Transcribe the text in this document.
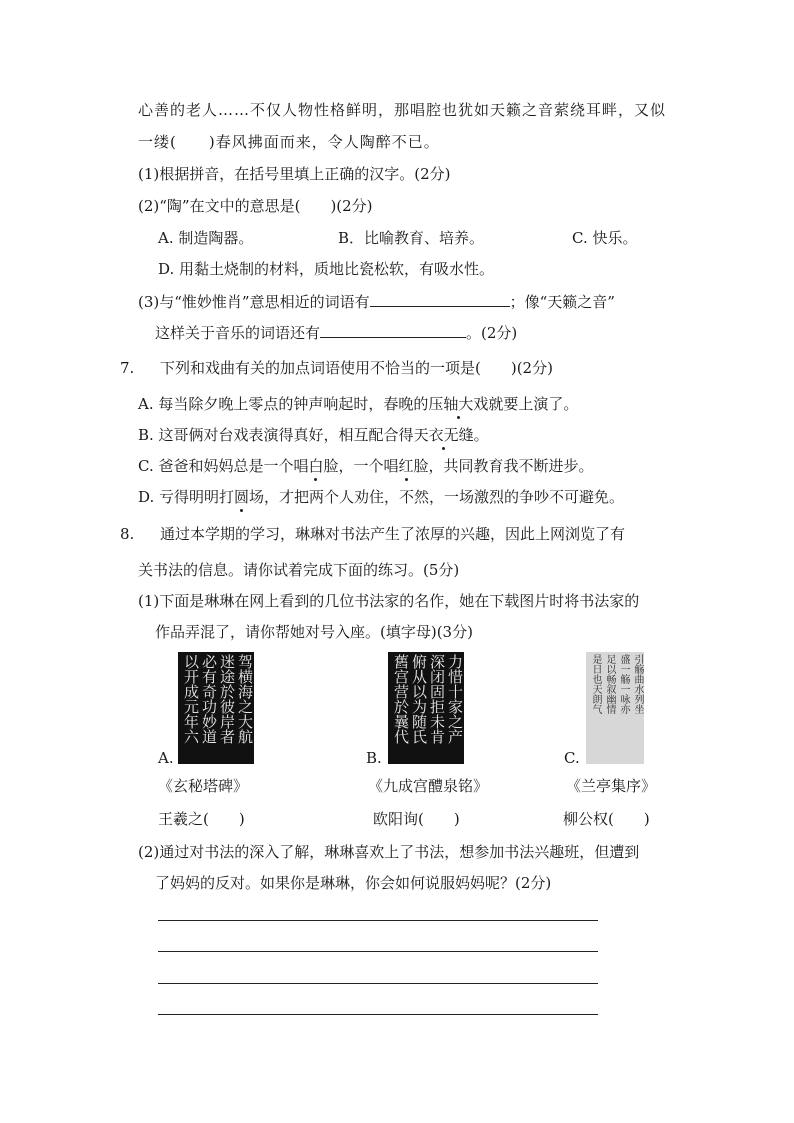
心善的老人……不仅人物性格鲜明，那唱腔也犹如天籁之音萦绕耳畔，又似
一缕(　　)春风拂面而来，令人陶醉不已。
(1)根据拼音，在括号里填上正确的汉字。(2分)
(2)“陶”在文中的意思是(　　)(2分)
A. 制造陶器。	B．比喻教育、培养。	C. 快乐。
D. 用黏土烧制的材料，质地比瓷松软，有吸水性。
(3)与“惟妙惟肖”意思相近的词语有	；像“天籁之音”
这样关于音乐的词语还有	。(2分)
7. 下列和戏曲有关的加点词语使用不恰当的一项是(　　)(2分)
A. 每当除夕晚上零点的钟声响起时，春晚的压轴大戏就要上演了。
B. 这哥俩对台戏表演得真好，相互配合得天衣无缝。
C. 爸爸和妈妈总是一个唱白脸，一个唱红脸，共同教育我不断进步。
D. 亏得明明打圆场，才把两个人劝住，不然，一场激烈的争吵不可避免。
8. 通过本学期的学习，琳琳对书法产生了浓厚的兴趣，因此上网浏览了有
关书法的信息。请你试着完成下面的练习。(5分)
(1)下面是琳琳在网上看到的几位书法家的名作，她在下载图片时将书法家的
作品弄混了，请你帮她对号入座。(填字母)(3分)
A.
驾横海之大航
迷途於彼岸者
必有奇功妙道
以开成元年六
B.
力惜十家之产
深闭固拒未肯
俯从以为随氏
舊宫营於曩代
C.
引觞曲水列坐
盛一觞一咏亦
足以畅叙幽情
是日也天朗气
《玄秘塔碑》	《九成宫醴泉铭》	《兰亭集序》
王羲之(　　)	欧阳询(　　)	柳公权(　　)
(2)通过对书法的深入了解，琳琳喜欢上了书法，想参加书法兴趣班，但遭到
了妈妈的反对。如果你是琳琳，你会如何说服妈妈呢？(2分)
